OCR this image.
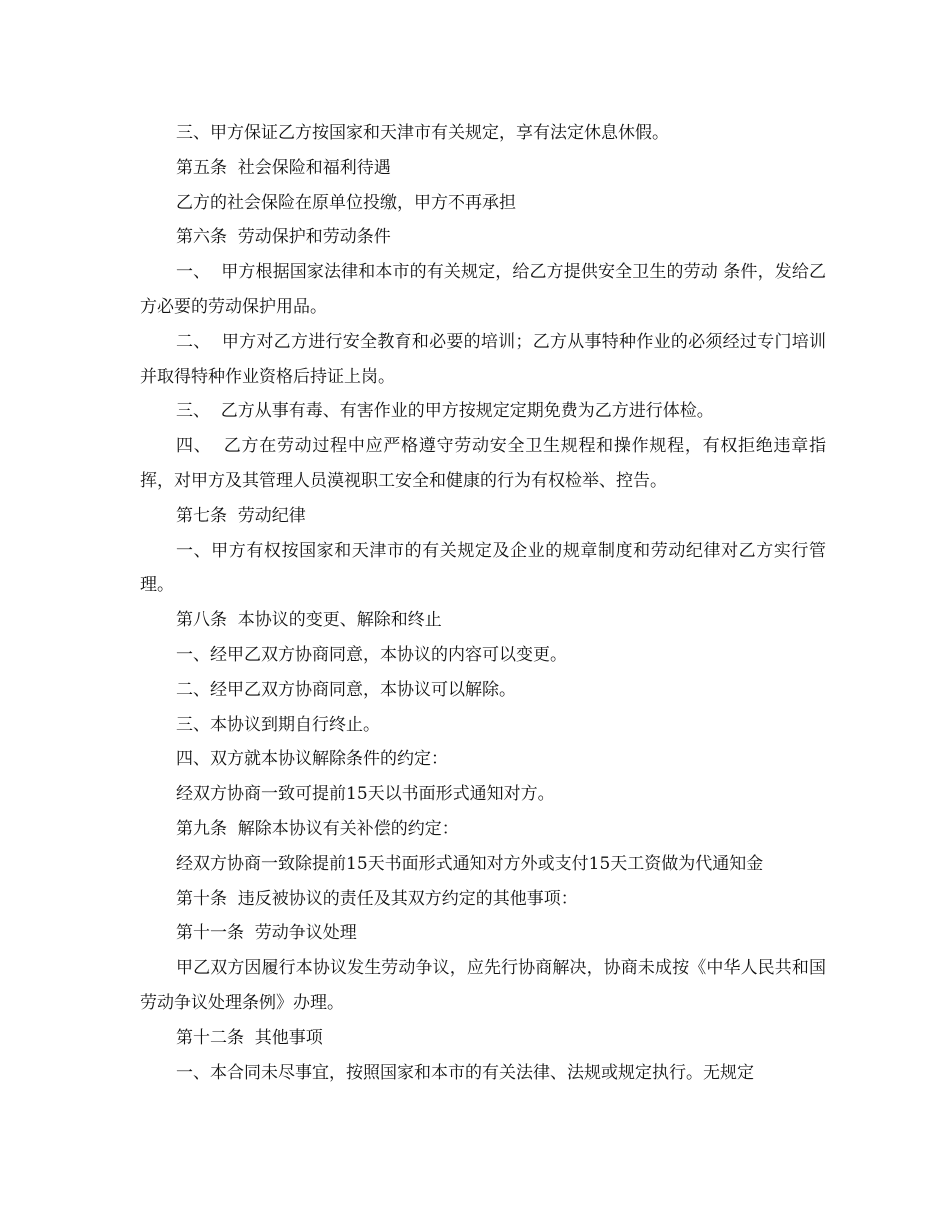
三、甲方保证乙方按国家和天津市有关规定，享有法定休息休假。

第五条  社会保险和福利待遇

乙方的社会保险在原单位投缴，甲方不再承担

第六条  劳动保护和劳动条件

一、  甲方根据国家法律和本市的有关规定，给乙方提供安全卫生的劳动 条件，发给乙方必要的劳动保护用品。

二、  甲方对乙方进行安全教育和必要的培训；乙方从事特种作业的必须经过专门培训并取得特种作业资格后持证上岗。

三、  乙方从事有毒、有害作业的甲方按规定定期免费为乙方进行体检。

四、  乙方在劳动过程中应严格遵守劳动安全卫生规程和操作规程，有权拒绝违章指挥，对甲方及其管理人员漠视职工安全和健康的行为有权检举、控告。

第七条  劳动纪律

一、甲方有权按国家和天津市的有关规定及企业的规章制度和劳动纪律对乙方实行管理。

第八条  本协议的变更、解除和终止

一、经甲乙双方协商同意，本协议的内容可以变更。

二、经甲乙双方协商同意，本协议可以解除。

三、本协议到期自行终止。

四、双方就本协议解除条件的约定：

经双方协商一致可提前15天以书面形式通知对方。

第九条  解除本协议有关补偿的约定：

经双方协商一致除提前15天书面形式通知对方外或支付15天工资做为代通知金

第十条  违反被协议的责任及其双方约定的其他事项：

第十一条  劳动争议处理

甲乙双方因履行本协议发生劳动争议，应先行协商解决，协商未成按《中华人民共和国劳动争议处理条例》办理。

第十二条  其他事项

一、本合同未尽事宜，按照国家和本市的有关法律、法规或规定执行。无规定
